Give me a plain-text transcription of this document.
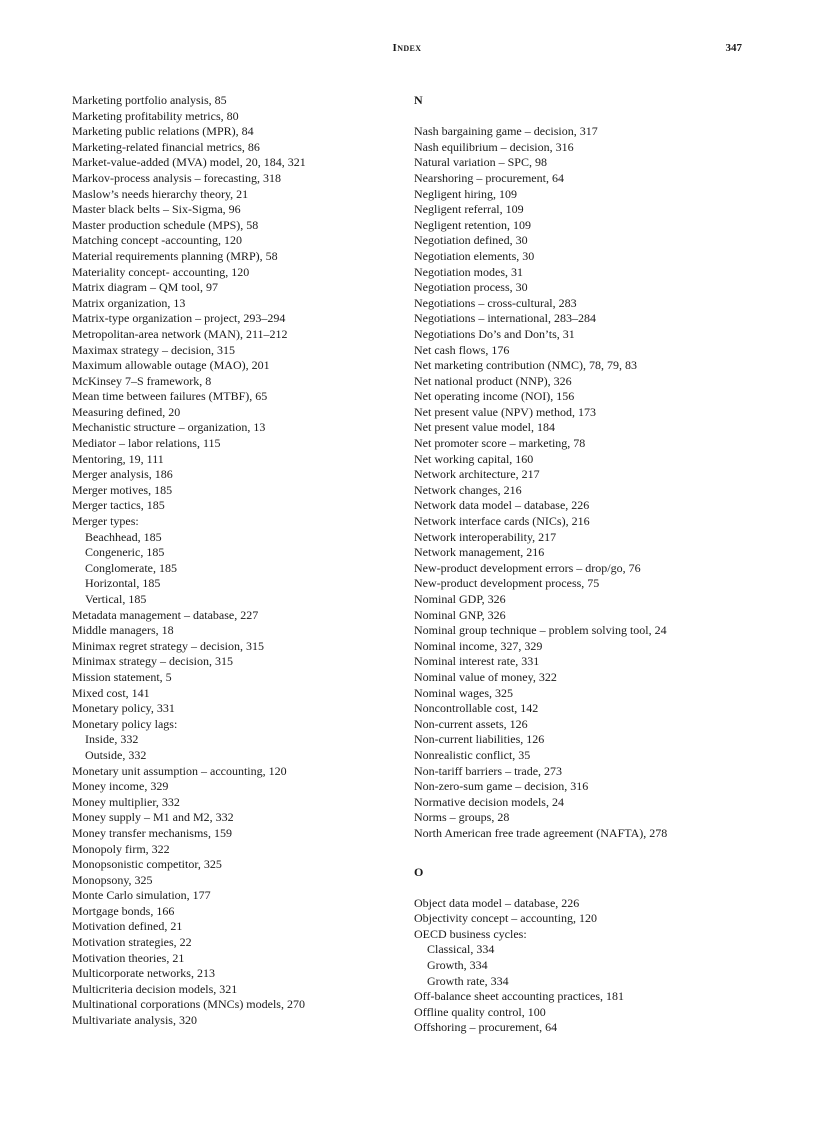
Index	347
Marketing portfolio analysis, 85
Marketing profitability metrics, 80
Marketing public relations (MPR), 84
Marketing-related financial metrics, 86
Market-value-added (MVA) model, 20, 184, 321
Markov-process analysis – forecasting, 318
Maslow’s needs hierarchy theory, 21
Master black belts – Six-Sigma, 96
Master production schedule (MPS), 58
Matching concept -accounting, 120
Material requirements planning (MRP), 58
Materiality concept- accounting, 120
Matrix diagram – QM tool, 97
Matrix organization, 13
Matrix-type organization – project, 293–294
Metropolitan-area network (MAN), 211–212
Maximax strategy – decision, 315
Maximum allowable outage (MAO), 201
McKinsey 7–S framework, 8
Mean time between failures (MTBF), 65
Measuring defined, 20
Mechanistic structure – organization, 13
Mediator – labor relations, 115
Mentoring, 19, 111
Merger analysis, 186
Merger motives, 185
Merger tactics, 185
Merger types:
Beachhead, 185
Congeneric, 185
Conglomerate, 185
Horizontal, 185
Vertical, 185
Metadata management – database, 227
Middle managers, 18
Minimax regret strategy – decision, 315
Minimax strategy – decision, 315
Mission statement, 5
Mixed cost, 141
Monetary policy, 331
Monetary policy lags:
Inside, 332
Outside, 332
Monetary unit assumption – accounting, 120
Money income, 329
Money multiplier, 332
Money supply – M1 and M2, 332
Money transfer mechanisms, 159
Monopoly firm, 322
Monopsonistic competitor, 325
Monopsony, 325
Monte Carlo simulation, 177
Mortgage bonds, 166
Motivation defined, 21
Motivation strategies, 22
Motivation theories, 21
Multicorporate networks, 213
Multicriteria decision models, 321
Multinational corporations (MNCs) models, 270
Multivariate analysis, 320
N
Nash bargaining game – decision, 317
Nash equilibrium – decision, 316
Natural variation – SPC, 98
Nearshoring – procurement, 64
Negligent hiring, 109
Negligent referral, 109
Negligent retention, 109
Negotiation defined, 30
Negotiation elements, 30
Negotiation modes, 31
Negotiation process, 30
Negotiations – cross-cultural, 283
Negotiations – international, 283–284
Negotiations Do’s and Don’ts, 31
Net cash flows, 176
Net marketing contribution (NMC), 78, 79, 83
Net national product (NNP), 326
Net operating income (NOI), 156
Net present value (NPV) method, 173
Net present value model, 184
Net promoter score – marketing, 78
Net working capital, 160
Network architecture, 217
Network changes, 216
Network data model – database, 226
Network interface cards (NICs), 216
Network interoperability, 217
Network management, 216
New-product development errors – drop/go, 76
New-product development process, 75
Nominal GDP, 326
Nominal GNP, 326
Nominal group technique – problem solving tool, 24
Nominal income, 327, 329
Nominal interest rate, 331
Nominal value of money, 322
Nominal wages, 325
Noncontrollable cost, 142
Non-current assets, 126
Non-current liabilities, 126
Nonrealistic conflict, 35
Non-tariff barriers – trade, 273
Non-zero-sum game – decision, 316
Normative decision models, 24
Norms – groups, 28
North American free trade agreement (NAFTA), 278
O
Object data model – database, 226
Objectivity concept – accounting, 120
OECD business cycles:
Classical, 334
Growth, 334
Growth rate, 334
Off-balance sheet accounting practices, 181
Offline quality control, 100
Offshoring – procurement, 64
